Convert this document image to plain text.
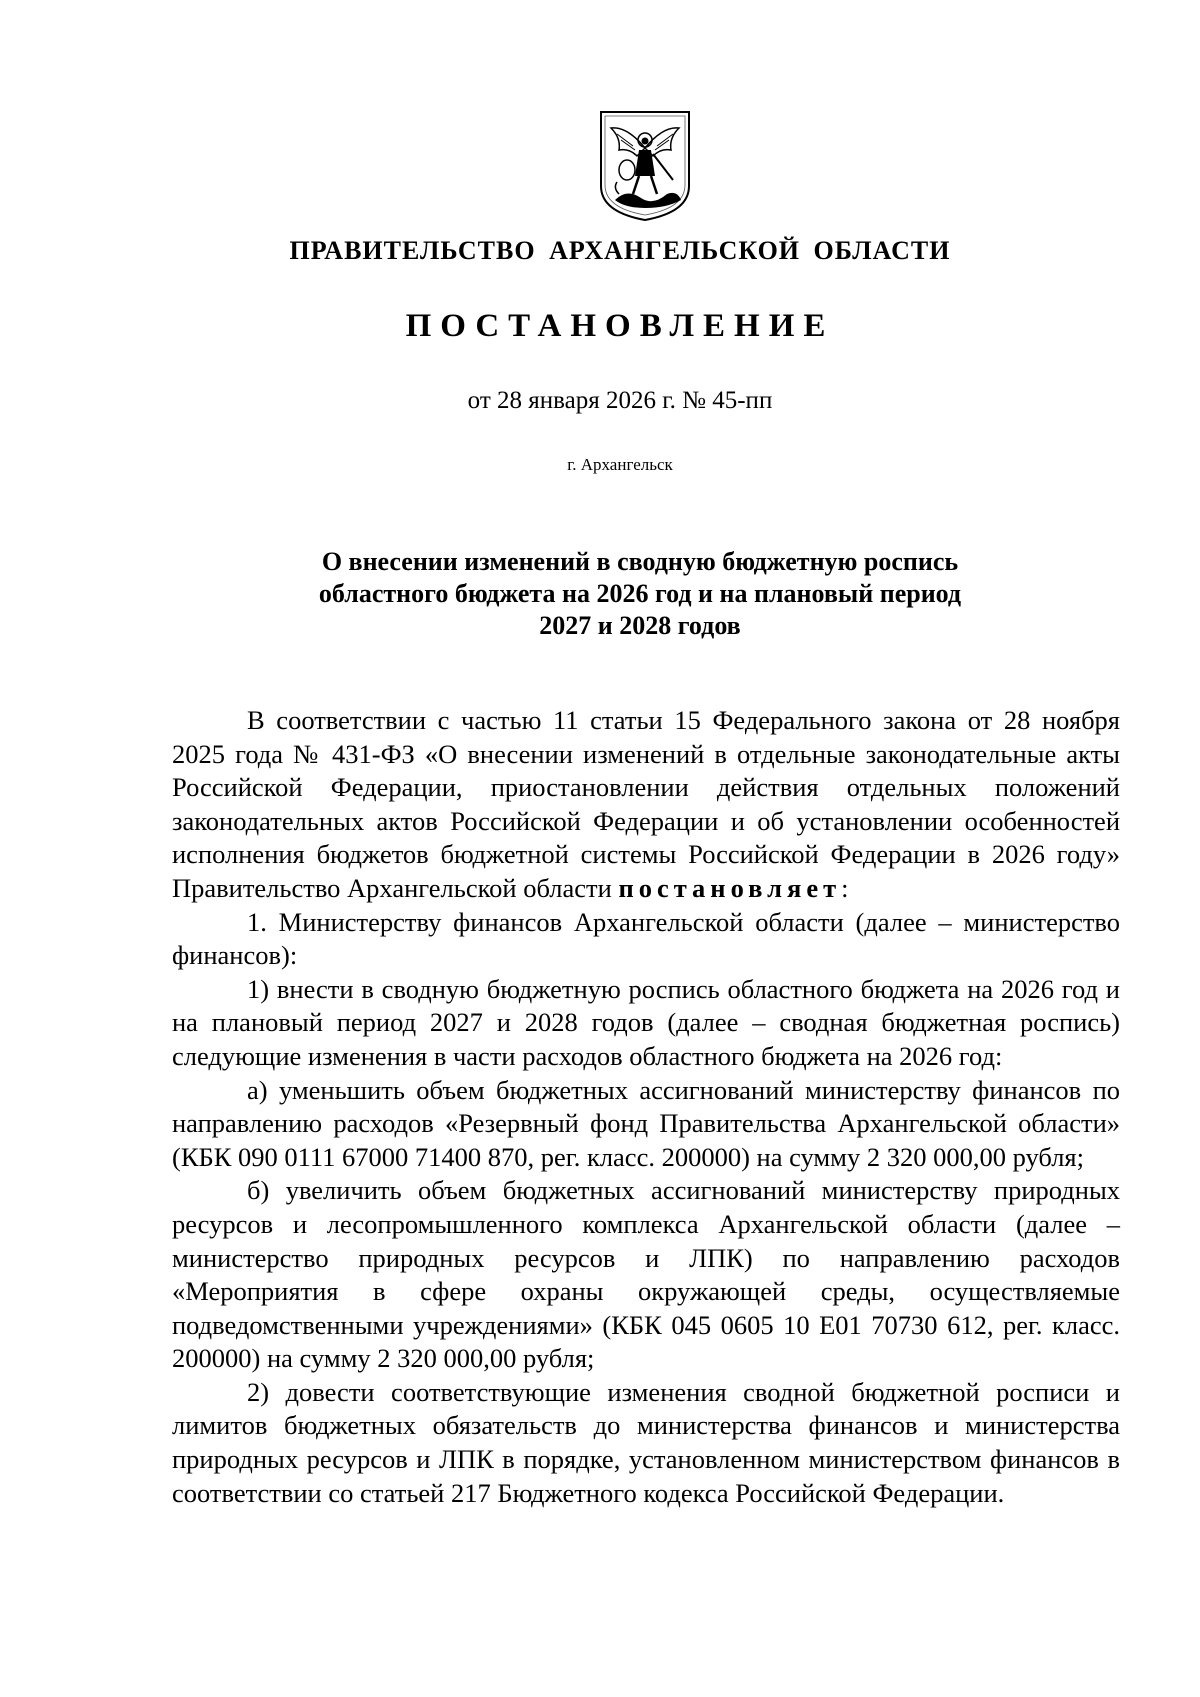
ПРАВИТЕЛЬСТВО АРХАНГЕЛЬСКОЙ ОБЛАСТИ
ПОСТАНОВЛЕНИЕ
от 28 января 2026 г. № 45-пп
г. Архангельск
О внесении изменений в сводную бюджетную роспись
областного бюджета на 2026 год и на плановый период
2027 и 2028 годов

В соответствии с частью 11 статьи 15 Федерального закона от 28 ноября 2025 года № 431-ФЗ «О внесении изменений в отдельные законодательные акты Российской Федерации, приостановлении действия отдельных положений законодательных актов Российской Федерации и об установлении особенностей исполнения бюджетов бюджетной системы Российской Федерации в 2026 году» Правительство Архангельской области постановляет:

1. Министерству финансов Архангельской области (далее – министерство финансов):

1) внести в сводную бюджетную роспись областного бюджета на 2026 год и на плановый период 2027 и 2028 годов (далее – сводная бюджетная роспись) следующие изменения в части расходов областного бюджета на 2026 год:

а) уменьшить объем бюджетных ассигнований министерству финансов по направлению расходов «Резервный фонд Правительства Архангельской области» (КБК 090 0111 67000 71400 870, рег. класс. 200000) на сумму 2 320 000,00 рубля;

б) увеличить объем бюджетных ассигнований министерству природных ресурсов и лесопромышленного комплекса Архангельской области (далее – министерство природных ресурсов и ЛПК) по направлению расходов «Мероприятия в сфере охраны окружающей среды, осуществляемые подведомственными учреждениями» (КБК 045 0605 10 Е01 70730 612, рег. класс. 200000) на сумму 2 320 000,00 рубля;

2) довести соответствующие изменения сводной бюджетной росписи и лимитов бюджетных обязательств до министерства финансов и министерства природных ресурсов и ЛПК в порядке, установленном министерством финансов в соответствии со статьей 217 Бюджетного кодекса Российской Федерации.
